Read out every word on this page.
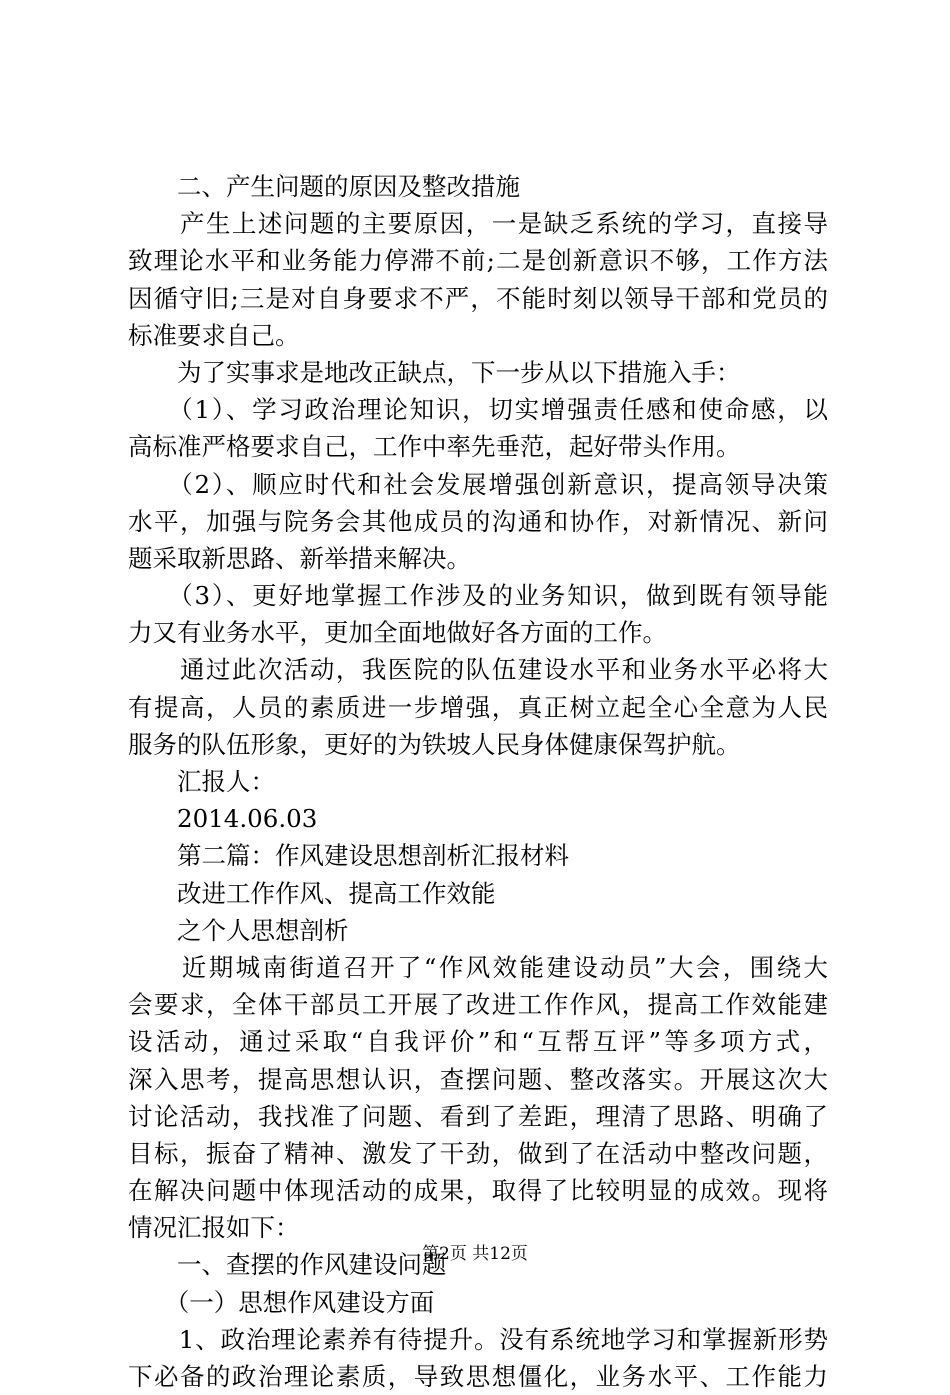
　　二、产生问题的原因及整改措施
　　产生上述问题的主要原因，一是缺乏系统的学习，直接导
致理论水平和业务能力停滞不前;二是创新意识不够，工作方法
因循守旧;三是对自身要求不严，不能时刻以领导干部和党员的
标准要求自己。
　　为了实事求是地改正缺点，下一步从以下措施入手：
　　（1）、学习政治理论知识，切实增强责任感和使命感，以
高标准严格要求自己，工作中率先垂范，起好带头作用。
　　（2）、顺应时代和社会发展增强创新意识，提高领导决策
水平，加强与院务会其他成员的沟通和协作，对新情况、新问
题采取新思路、新举措来解决。
　　（3）、更好地掌握工作涉及的业务知识，做到既有领导能
力又有业务水平，更加全面地做好各方面的工作。
　　通过此次活动，我医院的队伍建设水平和业务水平必将大
有提高，人员的素质进一步增强，真正树立起全心全意为人民
服务的队伍形象，更好的为铁坡人民身体健康保驾护航。
　　汇报人：
　　2014.06.03
　　第二篇：作风建设思想剖析汇报材料
　　改进工作作风、提高工作效能
　　之个人思想剖析
　　近期城南街道召开了“作风效能建设动员”大会，围绕大
会要求，全体干部员工开展了改进工作作风，提高工作效能建
设活动，通过采取“自我评价”和“互帮互评”等多项方式，
深入思考，提高思想认识，查摆问题、整改落实。开展这次大
讨论活动，我找准了问题、看到了差距，理清了思路、明确了
目标，振奋了精神、激发了干劲，做到了在活动中整改问题，
在解决问题中体现活动的成果，取得了比较明显的成效。现将
情况汇报如下：
　　一、查摆的作风建设问题
　　（一）思想作风建设方面
　　1、政治理论素养有待提升。没有系统地学习和掌握新形势
下必备的政治理论素质，导致思想僵化，业务水平、工作能力
第2页 共12页
